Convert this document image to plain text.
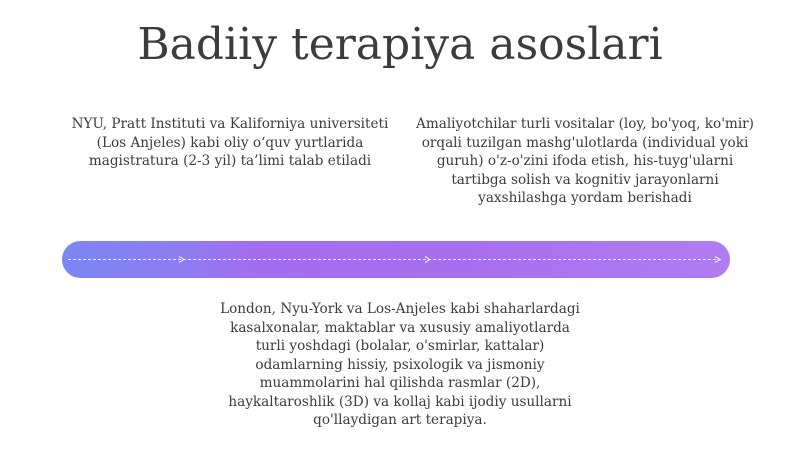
Badiiy terapiya asoslari

NYU, Pratt Instituti va Kaliforniya universiteti (Los Anjeles) kabi oliy o‘quv yurtlarida magistratura (2-3 yil) ta’limi talab etiladi

Amaliyotchilar turli vositalar (loy, bo'yoq, ko'mir) orqali tuzilgan mashg'ulotlarda (individual yoki guruh) o'z-o'zini ifoda etish, his-tuyg'ularni tartibga solish va kognitiv jarayonlarni yaxshilashga yordam berishadi

London, Nyu-York va Los-Anjeles kabi shaharlardagi kasalxonalar, maktablar va xususiy amaliyotlarda turli yoshdagi (bolalar, o'smirlar, kattalar) odamlarning hissiy, psixologik va jismoniy muammolarini hal qilishda rasmlar (2D), haykaltaroshlik (3D) va kollaj kabi ijodiy usullarni qo'llaydigan art terapiya.
